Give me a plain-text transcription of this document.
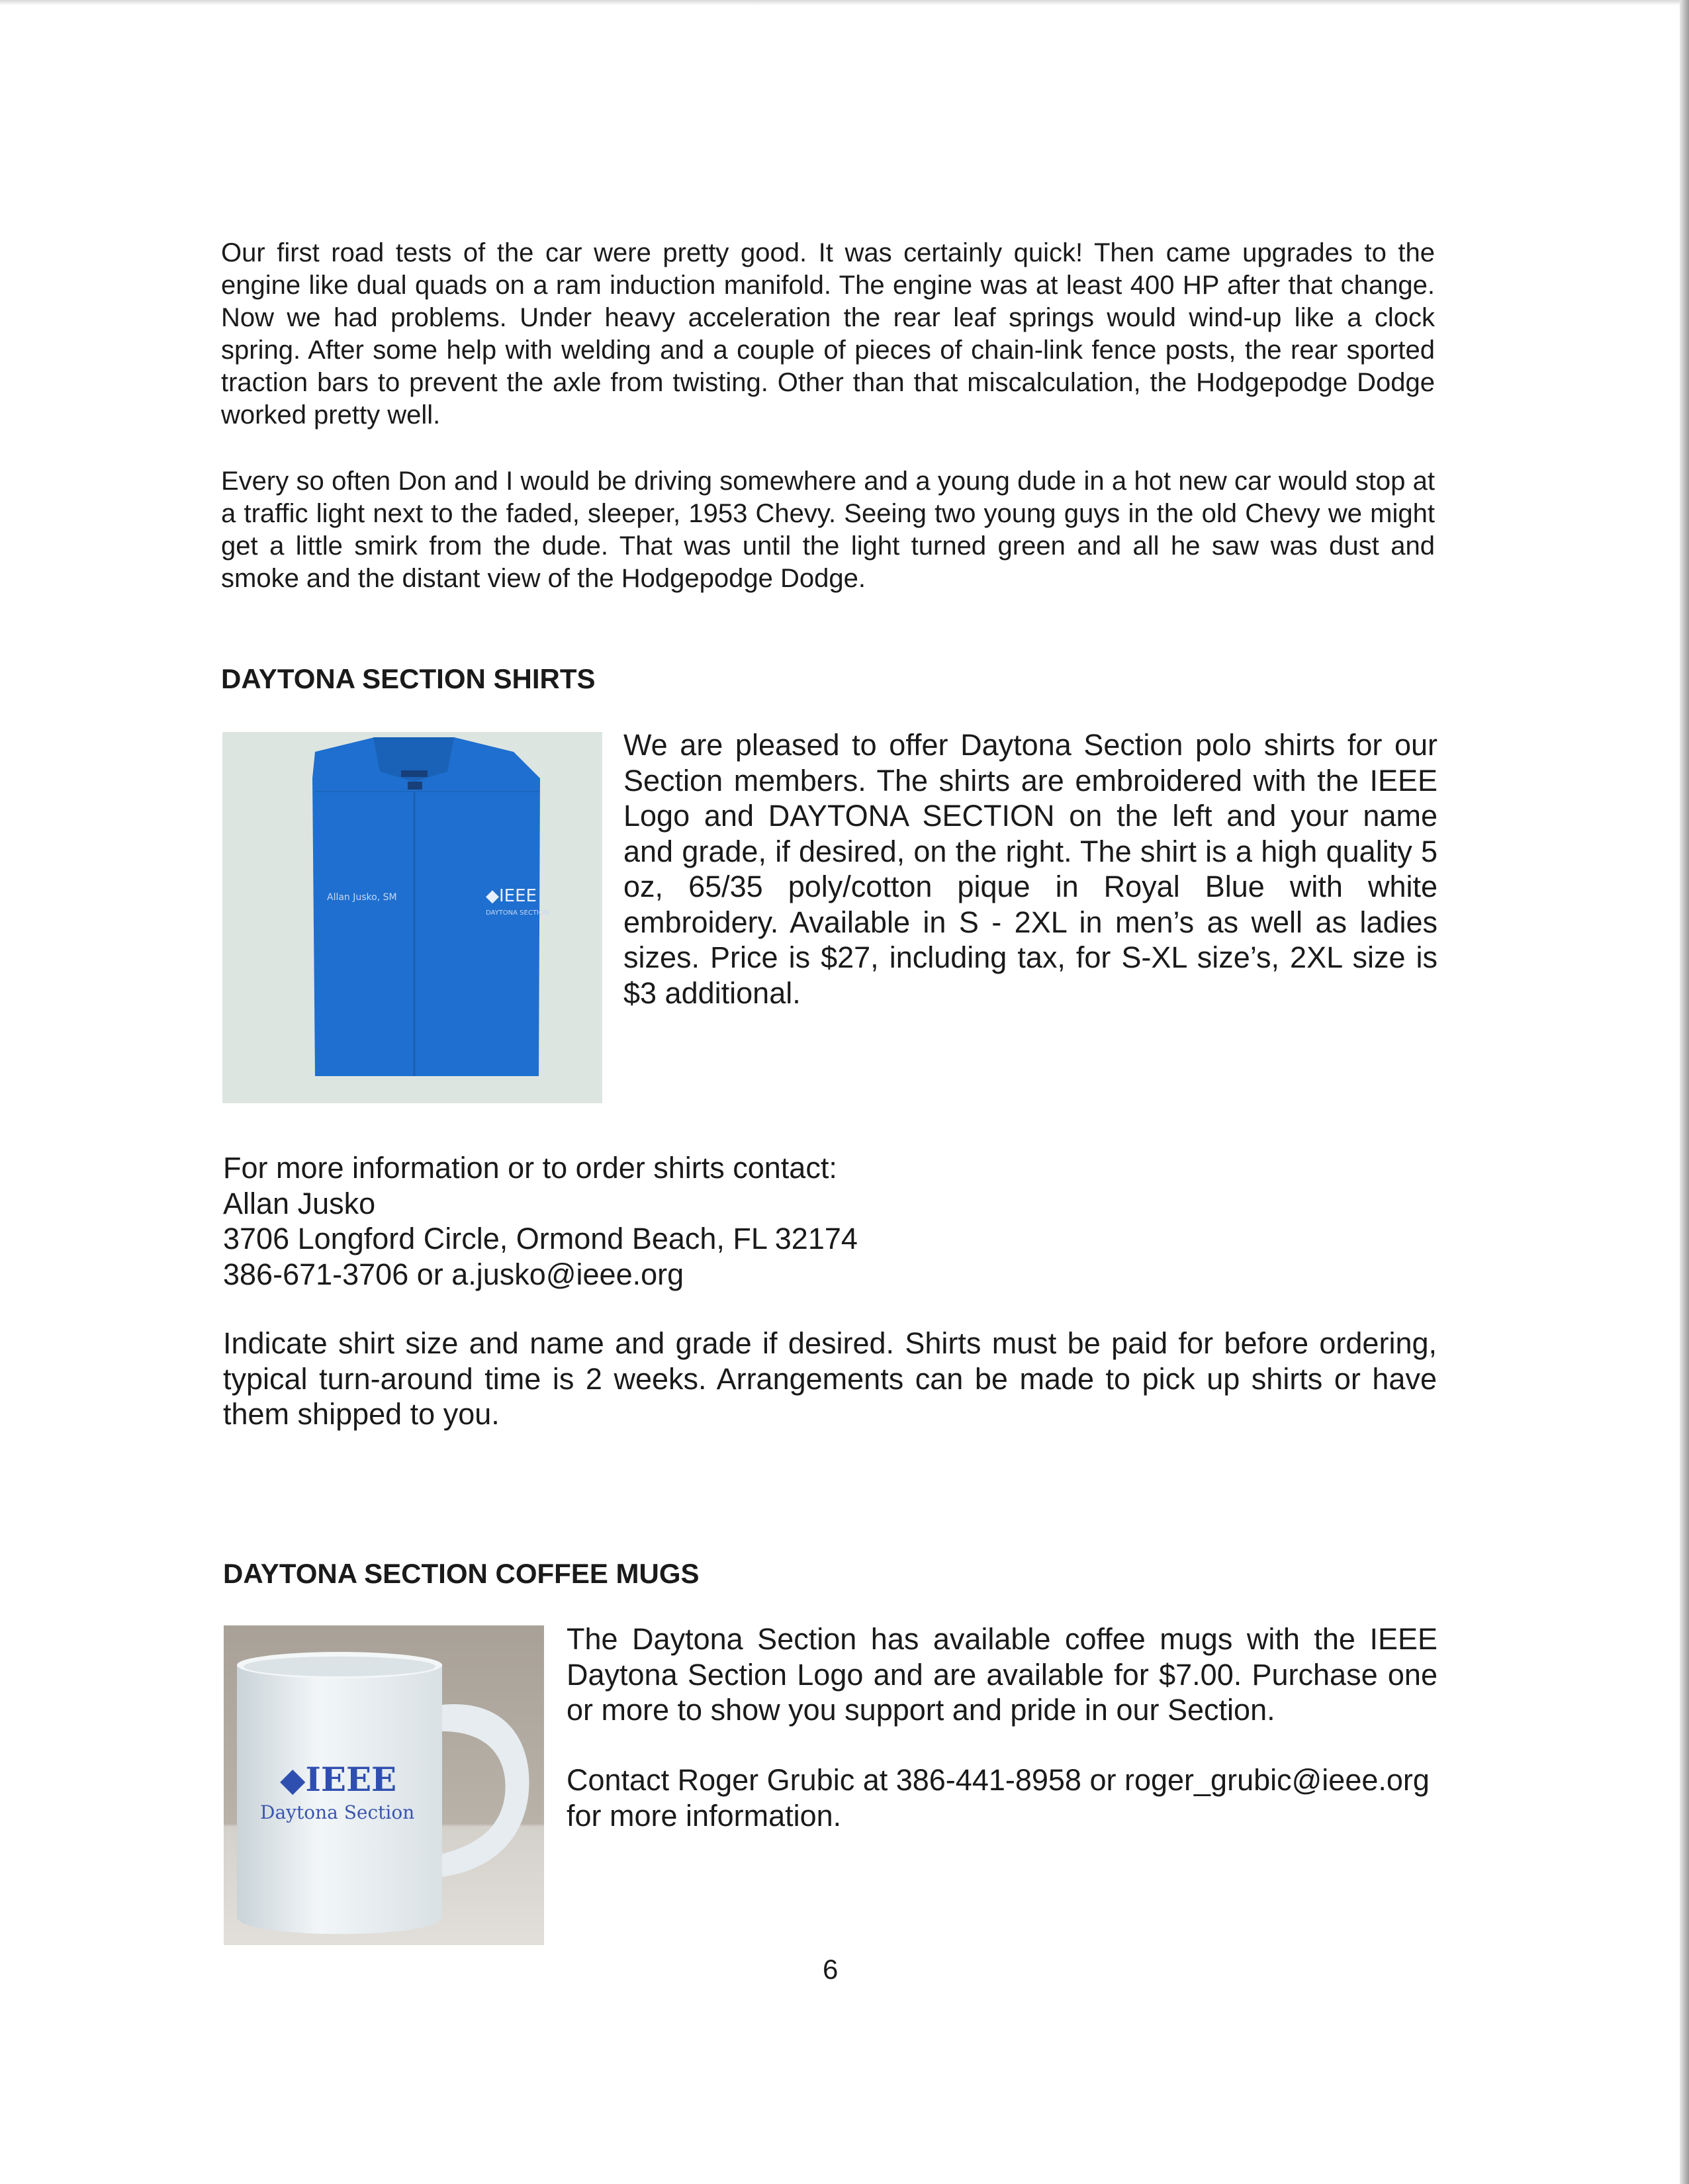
Our first road tests of the car were pretty good. It was certainly quick! Then came upgrades to the engine like dual quads on a ram induction manifold. The engine was at least 400 HP after that change. Now we had problems. Under heavy acceleration the rear leaf springs would wind-up like a clock spring. After some help with welding and a couple of pieces of chain-link fence posts, the rear sported traction bars to prevent the axle from twisting. Other than that miscalculation, the Hodgepodge Dodge worked pretty well.

Every so often Don and I would be driving somewhere and a young dude in a hot new car would stop at a traffic light next to the faded, sleeper, 1953 Chevy. Seeing two young guys in the old Chevy we might get a little smirk from the dude. That was until the light turned green and all he saw was dust and smoke and the distant view of the Hodgepodge Dodge.

DAYTONA SECTION SHIRTS
◆IEEE
DAYTONA SECTION
Allan Jusko, SM

We are pleased to offer Daytona Section polo shirts for our Section members. The shirts are embroidered with the IEEE Logo and DAYTONA SECTION on the left and your name and grade, if desired, on the right. The shirt is a high quality 5 oz, 65/35 poly/cotton pique in Royal Blue with white embroidery. Available in S - 2XL in men’s as well as ladies sizes. Price is $27, including tax, for S-XL size’s, 2XL size is $3 additional.

For more information or to order shirts contact:

Allan Jusko

3706 Longford Circle, Ormond Beach, FL 32174

386-671-3706 or a.jusko@ieee.org

Indicate shirt size and name and grade if desired. Shirts must be paid for before ordering, typical turn-around time is 2 weeks. Arrangements can be made to pick up shirts or have them shipped to you.

DAYTONA SECTION COFFEE MUGS
◆IEEE
Daytona Section

The Daytona Section has available coffee mugs with the IEEE Daytona Section Logo and are available for $7.00. Purchase one or more to show you support and pride in our Section.

Contact Roger Grubic at 386-441-8958 or roger_grubic@ieee.org for more information.

6
